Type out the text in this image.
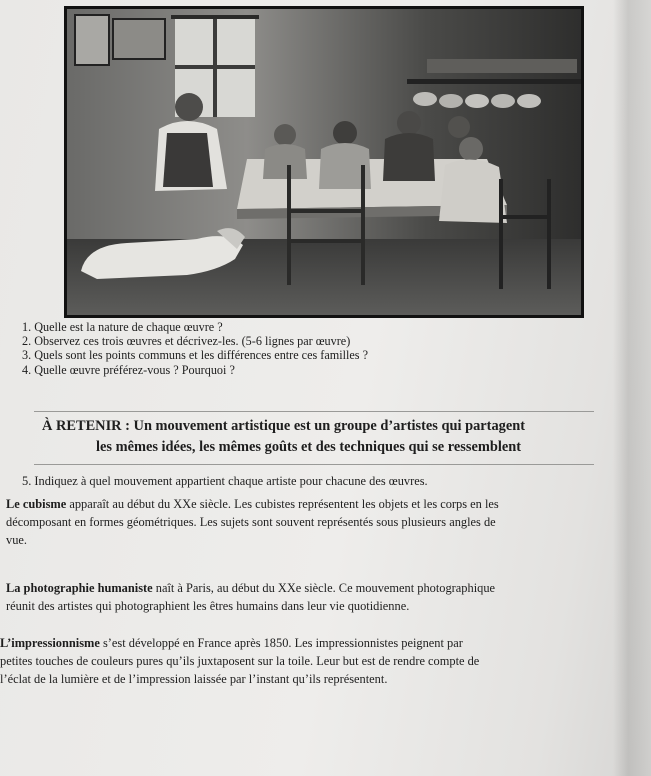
1. Quelle est la nature de chaque œuvre ?
2. Observez ces trois œuvres et décrivez-les. (5-6 lignes par œuvre)
3. Quels sont les points communs et les différences entre ces familles ?
4. Quelle œuvre préférez-vous ? Pourquoi ?
À RETENIR : Un mouvement artistique est un groupe d’artistes qui partagent
les mêmes idées, les mêmes goûts et des techniques qui se ressemblent
5. Indiquez à quel mouvement appartient chaque artiste pour chacune des œuvres.
Le cubisme apparaît au début du XXe siècle. Les cubistes représentent les objets et les corps en les
décomposant en formes géométriques. Les sujets sont souvent représentés sous plusieurs angles de
vue.
La photographie humaniste naît à Paris, au début du XXe siècle. Ce mouvement photographique
réunit des artistes qui photographient les êtres humains dans leur vie quotidienne.
L’impressionnisme s’est développé en France après 1850. Les impressionnistes peignent par
petites touches de couleurs pures qu’ils juxtaposent sur la toile. Leur but est de rendre compte de
l’éclat de la lumière et de l’impression laissée par l’instant qu’ils représentent.
